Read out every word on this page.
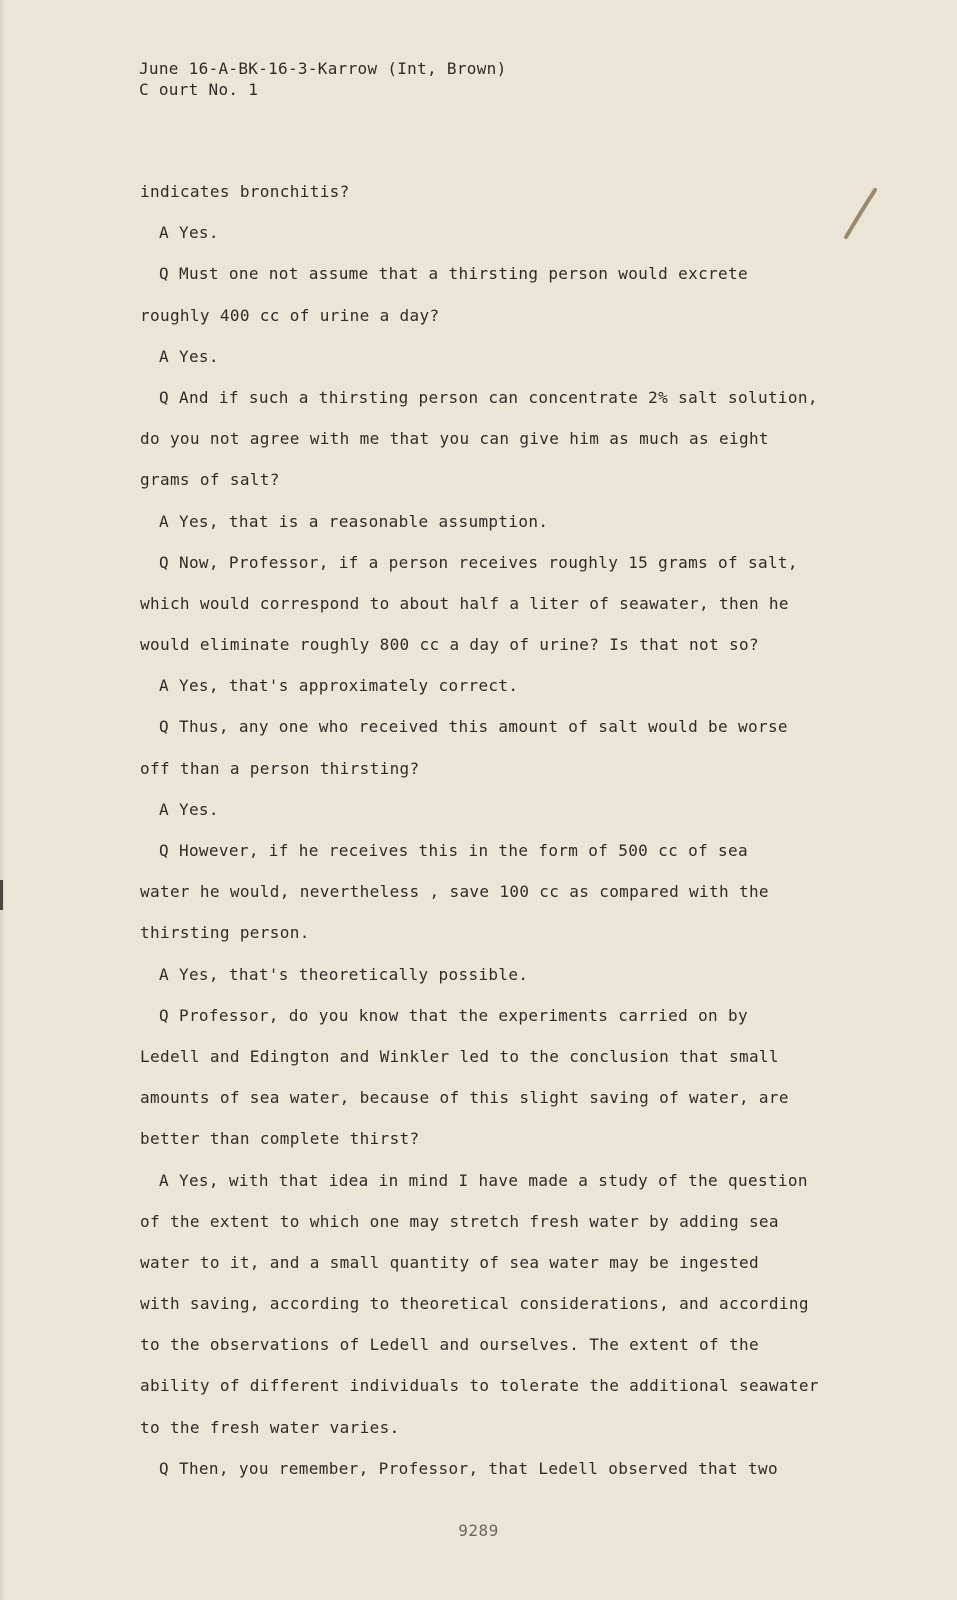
June 16-A-BK-16-3-Karrow (Int, Brown)
C ourt No. 1
indicates bronchitis?
A Yes.
Q Must one not assume that a thirsting person would excrete
roughly 400 cc of urine a day?
A Yes.
Q And if such a thirsting person can concentrate 2% salt solution,
do you not agree with me that you can give him as much as eight
grams of salt?
A Yes, that is a reasonable assumption.
Q Now, Professor, if a person receives roughly 15 grams of salt,
which would correspond to about half a liter of seawater, then he
would eliminate roughly 800 cc a day of urine? Is that not so?
A Yes, that's approximately correct.
Q Thus, any one who received this amount of salt would be worse
off than a person thirsting?
A Yes.
Q However, if he receives this in the form of 500 cc of sea
water he would, nevertheless , save 100 cc as compared with the
thirsting person.
A Yes, that's theoretically possible.
Q Professor, do you know that the experiments carried on by
Ledell and Edington and Winkler led to the conclusion that small
amounts of sea water, because of this slight saving of water, are
better than complete thirst?
A Yes, with that idea in mind I have made a study of the question
of the extent to which one may stretch fresh water by adding sea
water to it, and a small quantity of sea water may be ingested
with saving, according to theoretical considerations, and according
to the observations of Ledell and ourselves. The extent of the
ability of different individuals to tolerate the additional seawater
to the fresh water varies.
Q Then, you remember, Professor, that Ledell observed that two
9289
